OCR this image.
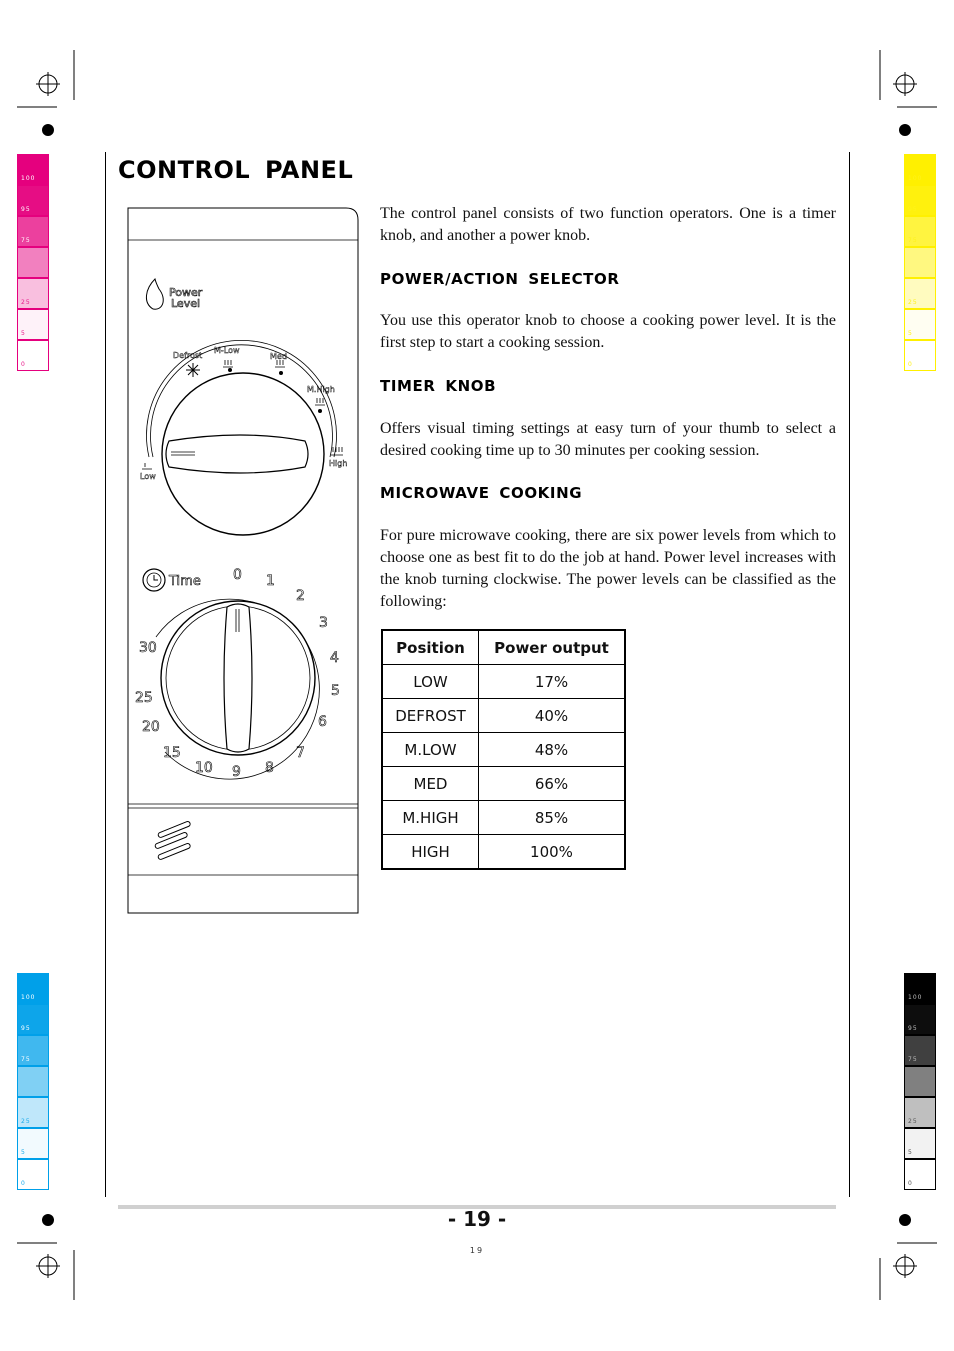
100
95
75
25
5
0
100
95
75
25
5
0
100
95
75
25
5
0
100
95
75
25
5
0
CONTROL PANEL
Power
Level
Defrost
M-Low
Med
M.High
High
Low
Time 0 1
2
3
4
5
6
7
8
9
10
15
20
25
30
The control panel consists of two function operators. One is a timer knob, and another a power knob.
POWER/ACTION SELECTOR
You use this operator knob to choose a cooking power level. It is the first step to start a cooking session.
TIMER KNOB
Offers visual timing settings at easy turn of your thumb to select a desired cooking time up to 30 minutes per cooking session.
MICROWAVE COOKING
For pure microwave cooking, there are six power levels from which to choose one as best fit to do the job at hand. Power level increases with the knob turning clockwise. The power levels can be classified as the following:
Position	Power output
LOW	17%
DEFROST	40%
M.LOW	48%
MED	66%
M.HIGH	85%
HIGH	100%
- 19 -
19
